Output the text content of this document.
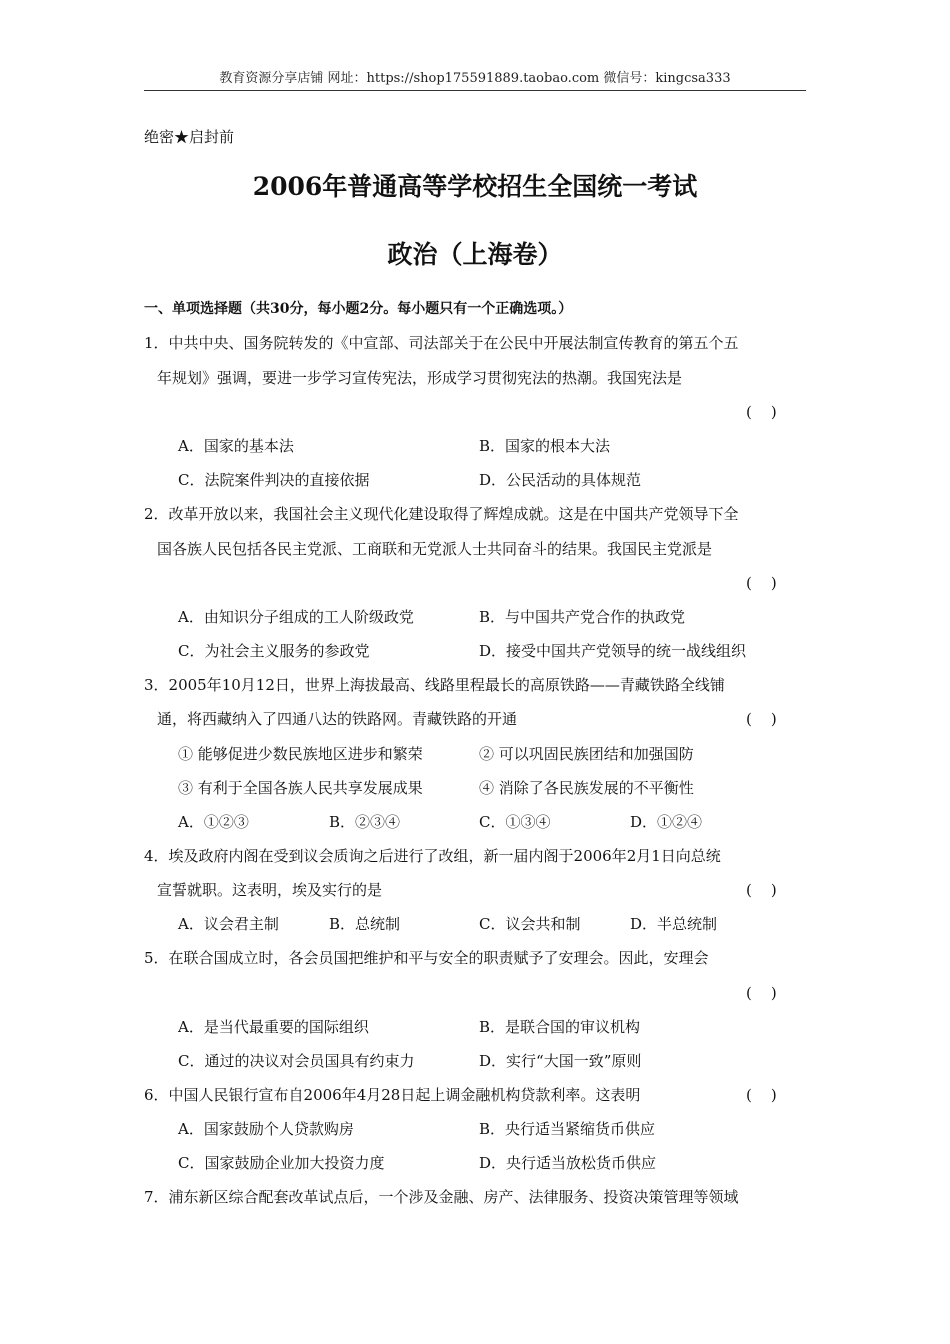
教育资源分享店铺 网址：https://shop175591889.taobao.com 微信号：kingcsa333
绝密★启封前
2006年普通高等学校招生全国统一考试
政治（上海卷）
一、单项选择题（共30分，每小题2分。每小题只有一个正确选项。）
1．中共中央、国务院转发的《中宣部、司法部关于在公民中开展法制宣传教育的第五个五
年规划》强调，要进一步学习宣传宪法，形成学习贯彻宪法的热潮。我国宪法是
(    )
A．国家的基本法	B．国家的根本大法
C．法院案件判决的直接依据	D．公民活动的具体规范
2．改革开放以来，我国社会主义现代化建设取得了辉煌成就。这是在中国共产党领导下全
国各族人民包括各民主党派、工商联和无党派人士共同奋斗的结果。我国民主党派是
(    )
A．由知识分子组成的工人阶级政党	B．与中国共产党合作的执政党
C．为社会主义服务的参政党	D．接受中国共产党领导的统一战线组织
3．2005年10月12日，世界上海拔最高、线路里程最长的高原铁路——青藏铁路全线铺
通，将西藏纳入了四通八达的铁路网。青藏铁路的开通	(    )
① 能够促进少数民族地区进步和繁荣	② 可以巩固民族团结和加强国防
③ 有利于全国各族人民共享发展成果	④ 消除了各民族发展的不平衡性
A．①②③	B．②③④	C．①③④	D．①②④
4．埃及政府内阁在受到议会质询之后进行了改组，新一届内阁于2006年2月1日向总统
宣誓就职。这表明，埃及实行的是	(    )
A．议会君主制	B．总统制	C．议会共和制	D．半总统制
5．在联合国成立时，各会员国把维护和平与安全的职责赋予了安理会。因此，安理会
(    )
A．是当代最重要的国际组织	B．是联合国的审议机构
C．通过的决议对会员国具有约束力	D．实行“大国一致”原则
6．中国人民银行宣布自2006年4月28日起上调金融机构贷款利率。这表明	(    )
A．国家鼓励个人贷款购房	B．央行适当紧缩货币供应
C．国家鼓励企业加大投资力度	D．央行适当放松货币供应
7．浦东新区综合配套改革试点后，一个涉及金融、房产、法律服务、投资决策管理等领域
